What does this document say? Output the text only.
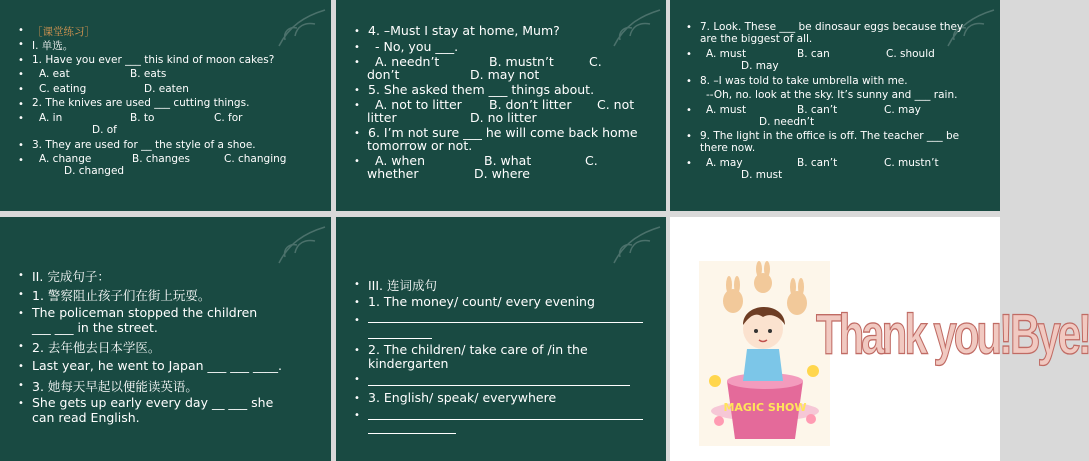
• ［课堂练习］
• I. 单选。
• 1. Have you ever ___ this kind of moon cakes?
• A. eat	B. eats
• C. eating	D. eaten
• 2. The knives are used ___ cutting things.
• A. in	B. to	C. for
D. of
• 3. They are used for __ the style of a shoe.
• A. change	B. changes	C. changing
D. changed
• 4. –Must I stay at home, Mum?
• - No, you ___.
• A. needn’t	B. mustn’t	C.
don’t	D. may not
• 5. She asked them ___ things about.
• A. not to litter B. don’t litter C. not
litter	D. no litter
• 6. I’m not sure ___ he will come back home
tomorrow or not.
• A. when	B. what	C.
whether	D. where
• 7. Look. These ___ be dinosaur eggs because they
are the biggest of all.
• A. must	B. can	C. should
D. may
• 8. –I was told to take umbrella with me.
--Oh, no. look at the sky. It’s sunny and ___ rain.
• A. must	B. can’t	C. may
D. needn’t
• 9. The light in the office is off. The teacher ___ be
there now.
• A. may	B. can’t	C. mustn’t
D. must
• II. 完成句子：
• 1. 警察阻止孩子们在街上玩耍。
• The policeman stopped the children
___ ___ in the street.
• 2. 去年他去日本学医。
• Last year, he went to Japan ___ ___ ____.
• 3. 她每天早起以便能读英语。
• She gets up early every day __ ___ she
can read English.
• III. 连词成句
• 1. The money/ count/ every evening
•
• 2. The children/ take care of /in the
kindergarten
•
• 3. English/ speak/ everywhere
•
MAGIC SHOW
Thank you!Bye!
